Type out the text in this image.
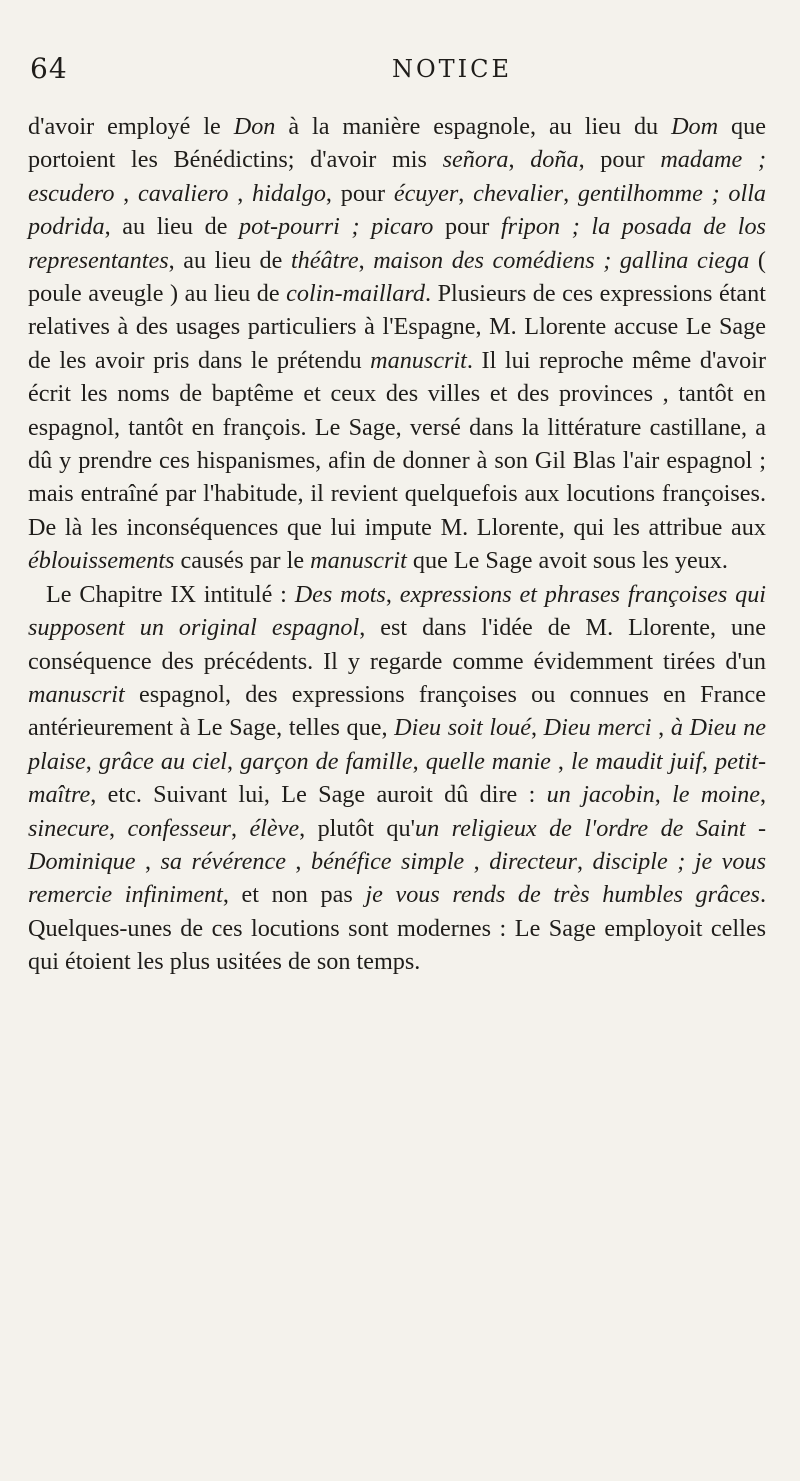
64	NOTICE

d'avoir employé le Don à la manière espagnole, au lieu du Dom que portoient les Bénédictins; d'avoir mis señora, doña, pour madame ; escudero , cavaliero , hidalgo, pour écuyer, chevalier, gentilhomme ; olla podrida, au lieu de pot-pourri ; picaro pour fripon ; la posada de los representantes, au lieu de théâtre, maison des comédiens ; gallina ciega ( poule aveugle ) au lieu de colin-maillard. Plusieurs de ces expressions étant relatives à des usages particuliers à l'Espagne, M. Llorente accuse Le Sage de les avoir pris dans le prétendu manuscrit. Il lui reproche même d'avoir écrit les noms de baptême et ceux des villes et des provinces , tantôt en espagnol, tantôt en françois. Le Sage, versé dans la littérature castillane, a dû y prendre ces hispanismes, afin de donner à son Gil Blas l'air espagnol ; mais entraîné par l'habitude, il revient quelquefois aux locutions françoises. De là les inconséquences que lui impute M. Llorente, qui les attribue aux éblouissements causés par le manuscrit que Le Sage avoit sous les yeux.

Le Chapitre IX intitulé : Des mots, expressions et phrases françoises qui supposent un original espagnol, est dans l'idée de M. Llorente, une conséquence des précédents. Il y regarde comme évidemment tirées d'un manuscrit espagnol, des expressions françoises ou connues en France antérieurement à Le Sage, telles que, Dieu soit loué, Dieu merci , à Dieu ne plaise, grâce au ciel, garçon de famille, quelle manie , le maudit juif, petit-maître, etc. Suivant lui, Le Sage auroit dû dire : un jacobin, le moine, sinecure, confesseur, élève, plutôt qu'un religieux de l'ordre de Saint - Dominique , sa révérence , bénéfice simple , directeur, disciple ; je vous remercie infiniment, et non pas je vous rends de très humbles grâces. Quelques-unes de ces locutions sont modernes : Le Sage employoit celles qui étoient les plus usitées de son temps.
